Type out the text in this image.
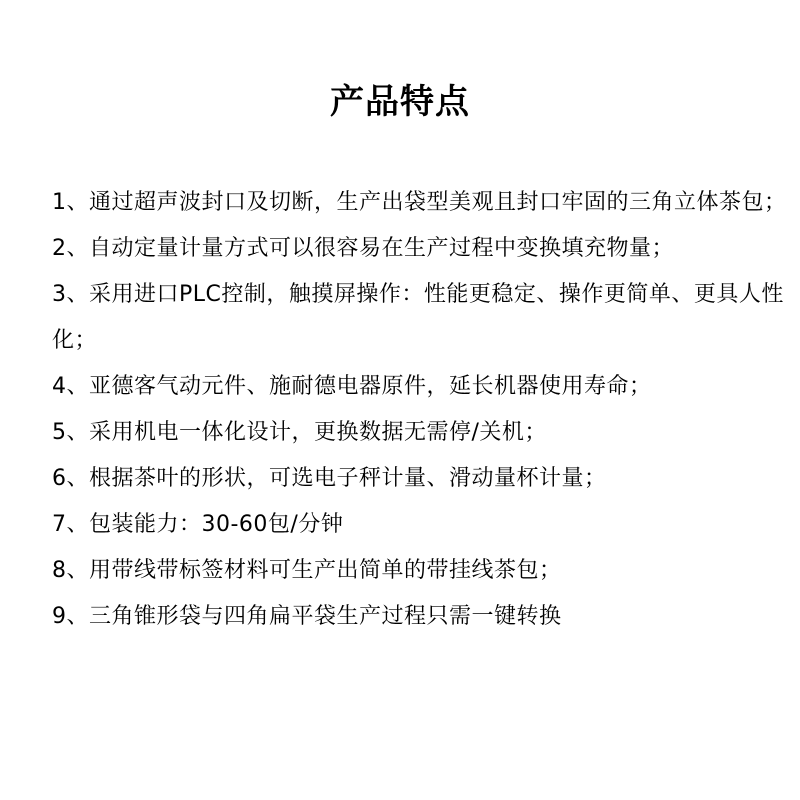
产品特点
1、通过超声波封口及切断，生产出袋型美观且封口牢固的三角立体茶包；
2、自动定量计量方式可以很容易在生产过程中变换填充物量；
3、采用进口PLC控制，触摸屏操作：性能更稳定、操作更简单、更具人性化；
4、亚德客气动元件、施耐德电器原件，延长机器使用寿命；
5、采用机电一体化设计，更换数据无需停/关机；
6、根据茶叶的形状，可选电子秤计量、滑动量杯计量；
7、包装能力：30-60包/分钟
8、用带线带标签材料可生产出简单的带挂线茶包；
9、三角锥形袋与四角扁平袋生产过程只需一键转换
